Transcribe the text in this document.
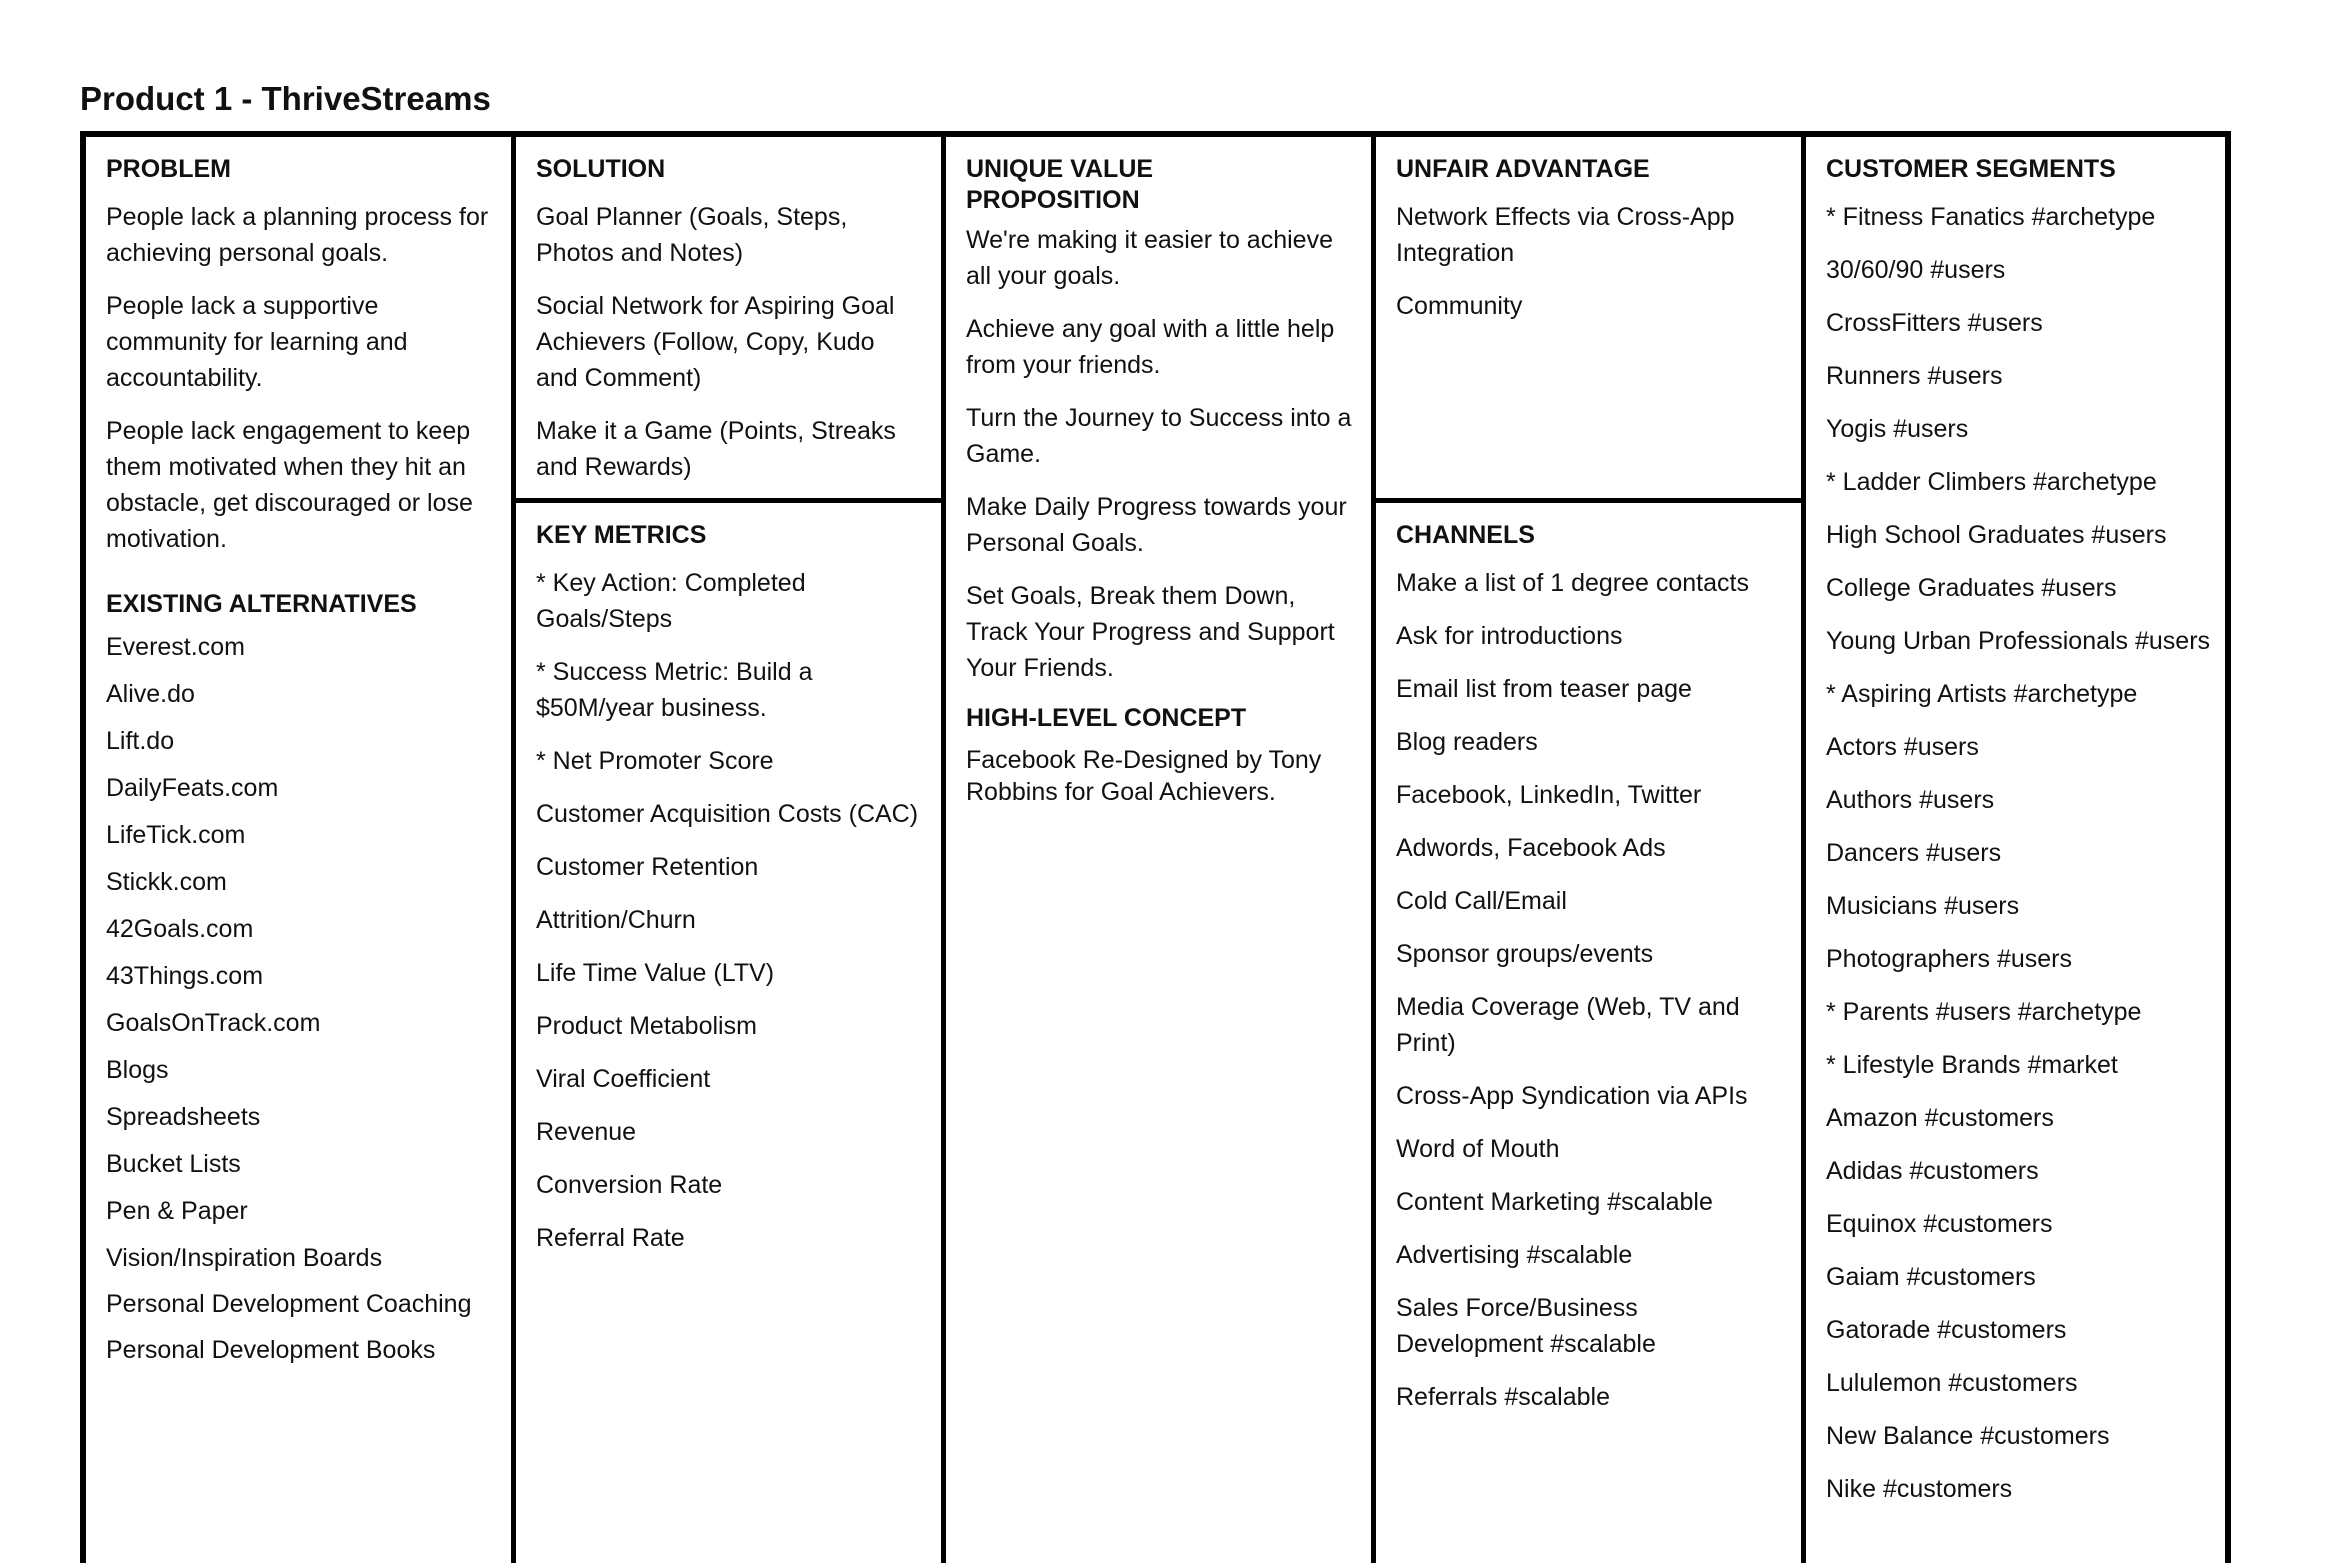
Product 1 - ThriveStreams
PROBLEM
People lack a planning process for achieving personal goals.
People lack a supportive community for learning and accountability.
People lack engagement to keep them motivated when they hit an obstacle, get discouraged or lose motivation.
EXISTING ALTERNATIVES
Everest.com
Alive.do
Lift.do
DailyFeats.com
LifeTick.com
Stickk.com
42Goals.com
43Things.com
GoalsOnTrack.com
Blogs
Spreadsheets
Bucket Lists
Pen & Paper
Vision/Inspiration Boards
Personal Development Coaching
Personal Development Books
SOLUTION
Goal Planner (Goals, Steps, Photos and Notes)
Social Network for Aspiring Goal Achievers (Follow, Copy, Kudo and Comment)
Make it a Game (Points, Streaks and Rewards)
KEY METRICS
* Key Action: Completed Goals/Steps
* Success Metric: Build a $50M/year business.
* Net Promoter Score
Customer Acquisition Costs (CAC)
Customer Retention
Attrition/Churn
Life Time Value (LTV)
Product Metabolism
Viral Coefficient
Revenue
Conversion Rate
Referral Rate
UNIQUE VALUE PROPOSITION
We're making it easier to achieve all your goals.
Achieve any goal with a little help from your friends.
Turn the Journey to Success into a Game.
Make Daily Progress towards your Personal Goals.
Set Goals, Break them Down, Track Your Progress and Support Your Friends.
HIGH-LEVEL CONCEPT
Facebook Re-Designed by Tony Robbins for Goal Achievers.
UNFAIR ADVANTAGE
Network Effects via Cross-App Integration
Community
CHANNELS
Make a list of 1 degree contacts
Ask for introductions
Email list from teaser page
Blog readers
Facebook, LinkedIn, Twitter
Adwords, Facebook Ads
Cold Call/Email
Sponsor groups/events
Media Coverage (Web, TV and Print)
Cross-App Syndication via APIs
Word of Mouth
Content Marketing #scalable
Advertising #scalable
Sales Force/Business Development #scalable
Referrals #scalable
CUSTOMER SEGMENTS
* Fitness Fanatics #archetype
30/60/90 #users
CrossFitters #users
Runners #users
Yogis #users
* Ladder Climbers #archetype
High School Graduates #users
College Graduates #users
Young Urban Professionals #users
* Aspiring Artists #archetype
Actors #users
Authors #users
Dancers #users
Musicians #users
Photographers #users
* Parents #users #archetype
* Lifestyle Brands #market
Amazon #customers
Adidas #customers
Equinox #customers
Gaiam #customers
Gatorade #customers
Lululemon #customers
New Balance #customers
Nike #customers
